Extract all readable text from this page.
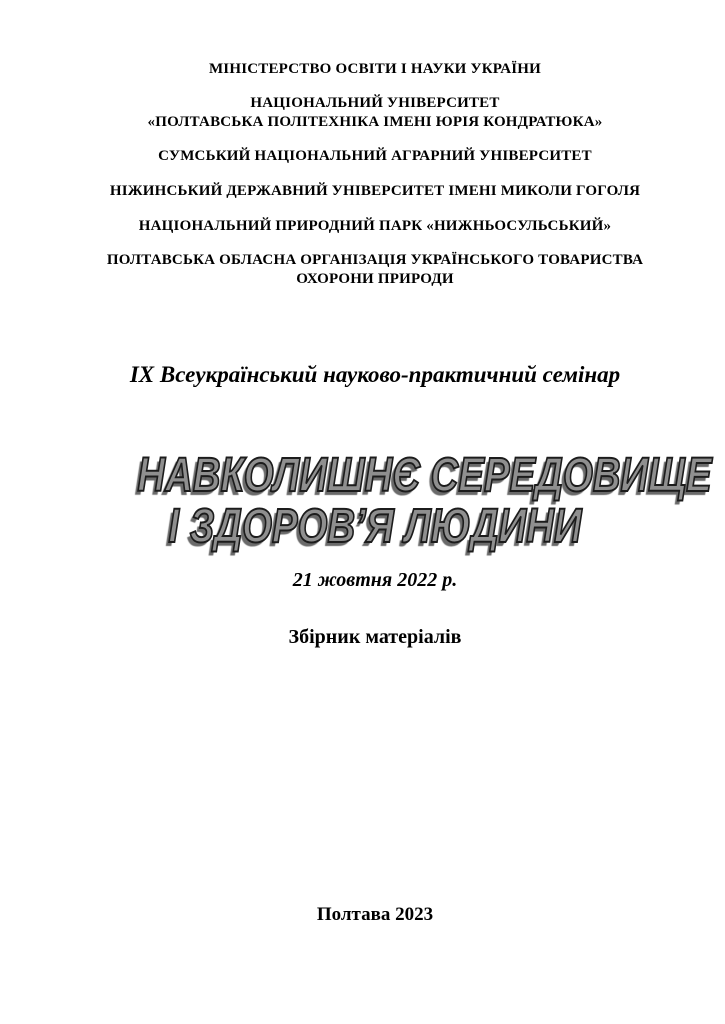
МІНІСТЕРСТВО ОСВІТИ І НАУКИ УКРАЇНИ
НАЦІОНАЛЬНИЙ УНІВЕРСИТЕТ
«ПОЛТАВСЬКА ПОЛІТЕХНІКА ІМЕНІ ЮРІЯ КОНДРАТЮКА»
СУМСЬКИЙ НАЦІОНАЛЬНИЙ АГРАРНИЙ УНІВЕРСИТЕТ
НІЖИНСЬКИЙ ДЕРЖАВНИЙ УНІВЕРСИТЕТ ІМЕНІ МИКОЛИ ГОГОЛЯ
НАЦІОНАЛЬНИЙ ПРИРОДНИЙ ПАРК «НИЖНЬОСУЛЬСЬКИЙ»
ПОЛТАВСЬКА ОБЛАСНА ОРГАНІЗАЦІЯ УКРАЇНСЬКОГО ТОВАРИСТВА
ОХОРОНИ ПРИРОДИ
ІХ Всеукраїнський науково-практичний семінар
НАВКОЛИШНЄ СЕРЕДОВИЩЕ
І ЗДОРОВ’Я ЛЮДИНИ
21 жовтня 2022 р.
Збірник матеріалів
Полтава 2023
